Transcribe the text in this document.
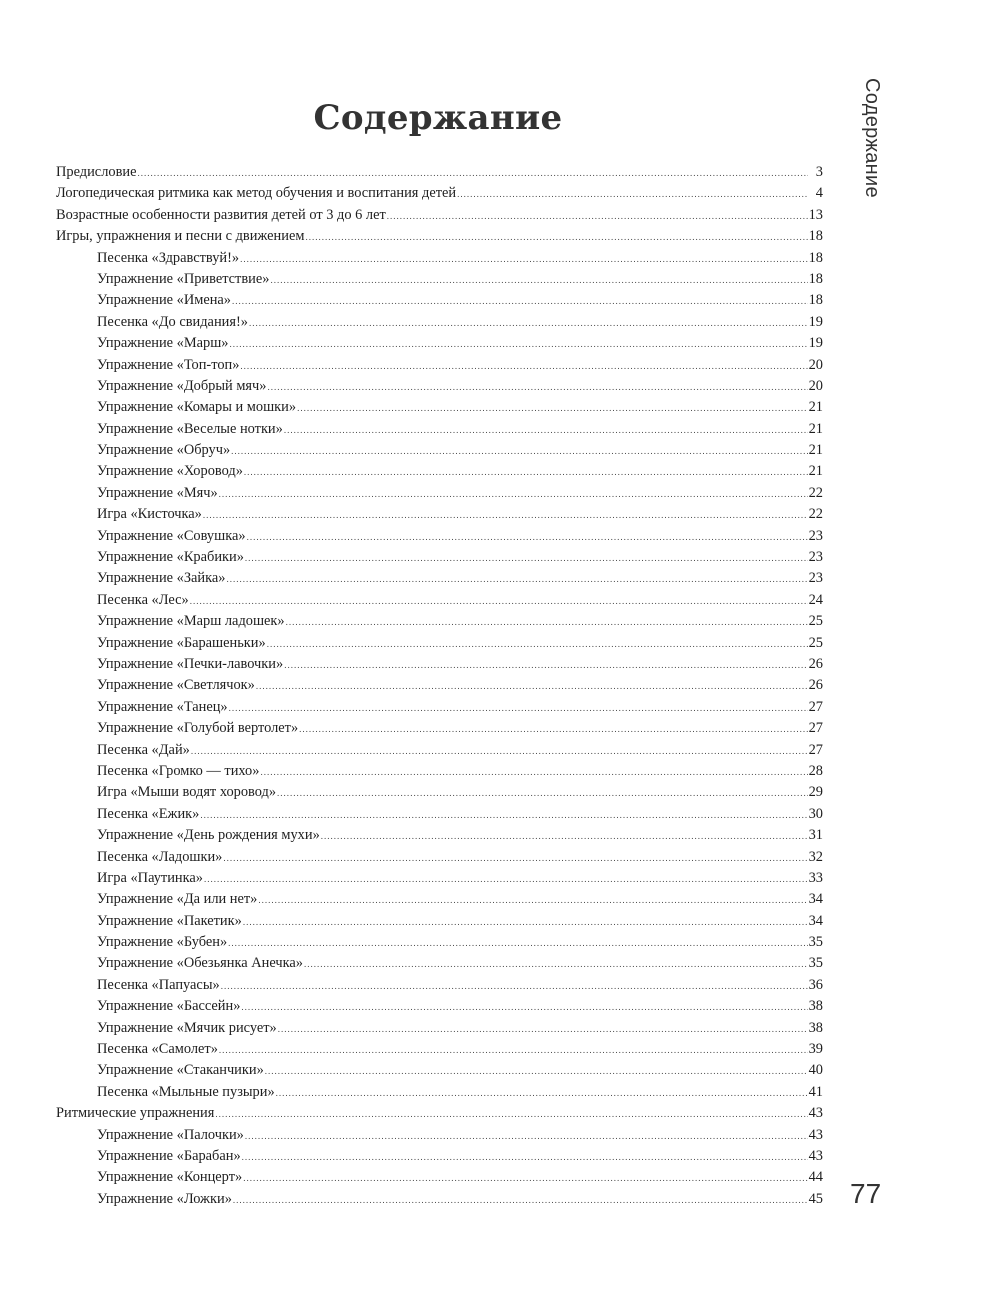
Содержание	Содержание
Предисловие .....	3
Логопедическая ритмика как метод обучения и воспитания детей .....	4
Возрастные особенности развития детей от 3 до 6 лет .....	13
Игры, упражнения и песни с движением .....	18
Песенка «Здравствуй!» .....	18
Упражнение «Приветствие» .....	18
Упражнение «Имена» .....	18
Песенка «До свидания!» .....	19
Упражнение «Марш» .....	19
Упражнение «Топ-топ» .....	20
Упражнение «Добрый мяч» .....	20
Упражнение «Комары и мошки» .....	21
Упражнение «Веселые нотки» .....	21
Упражнение «Обруч» .....	21
Упражнение «Хоровод» .....	21
Упражнение «Мяч» .....	22
Игра «Кисточка» .....	22
Упражнение «Совушка» .....	23
Упражнение «Крабики» .....	23
Упражнение «Зайка» .....	23
Песенка «Лес» .....	24
Упражнение «Марш ладошек» .....	25
Упражнение «Барашеньки» .....	25
Упражнение «Печки-лавочки» .....	26
Упражнение «Светлячок» .....	26
Упражнение «Танец» .....	27
Упражнение «Голубой вертолет» .....	27
Песенка «Дай» .....	27
Песенка «Громко — тихо» .....	28
Игра «Мыши водят хоровод» .....	29
Песенка «Ежик» .....	30
Упражнение «День рождения мухи» .....	31
Песенка «Ладошки» .....	32
Игра «Паутинка» .....	33
Упражнение «Да или нет» .....	34
Упражнение «Пакетик» .....	34
Упражнение «Бубен» .....	35
Упражнение «Обезьянка Анечка» .....	35
Песенка «Папуасы» .....	36
Упражнение «Бассейн» .....	38
Упражнение «Мячик рисует» .....	38
Песенка «Самолет» .....	39
Упражнение «Стаканчики» .....	40
Песенка «Мыльные пузыри» .....	41
Ритмические упражнения .....	43
Упражнение «Палочки» .....	43
Упражнение «Барабан» .....	43
Упражнение «Концерт» .....	44
Упражнение «Ложки» .....	45 77
